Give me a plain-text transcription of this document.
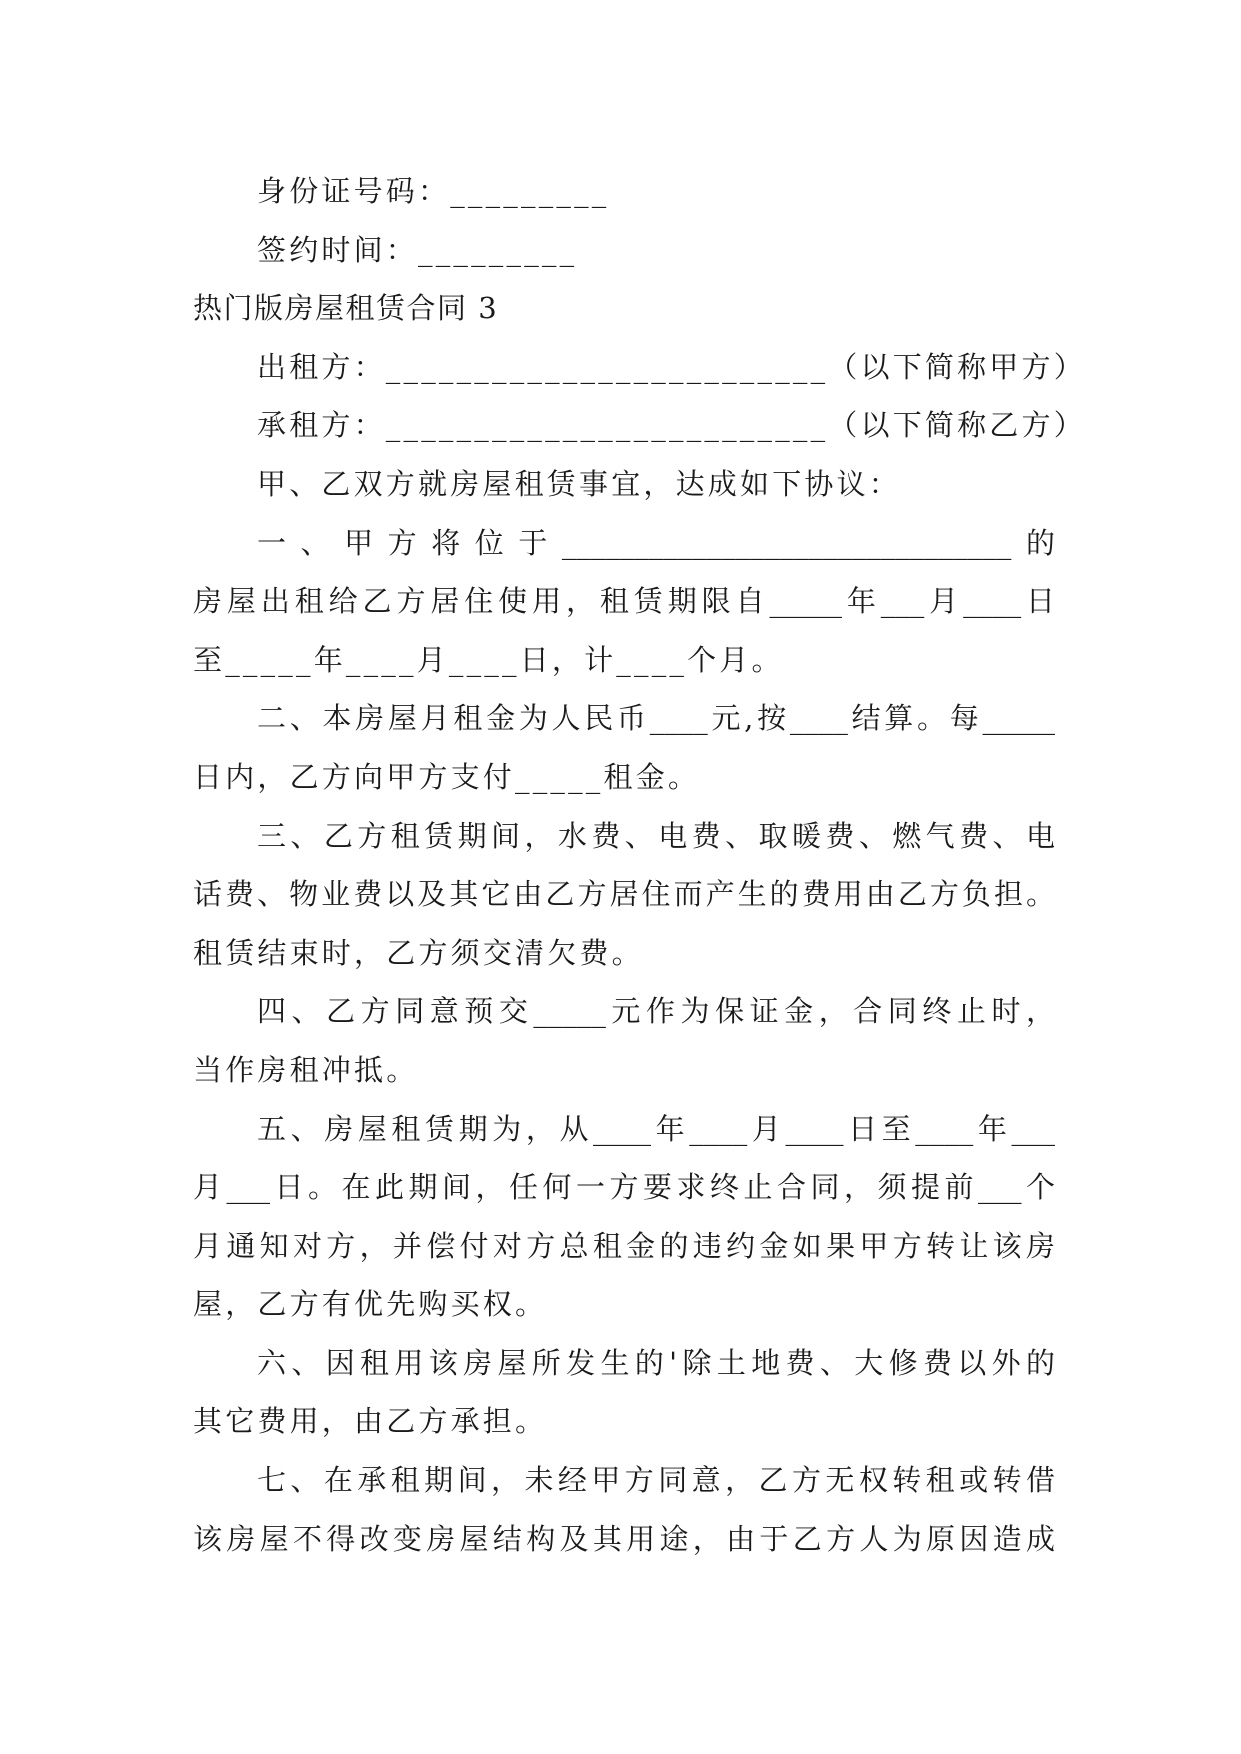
身份证号码：_________
签约时间：_________
热门版房屋租赁合同 3
出租方：_________________________（以下简称甲方）
承租方：_________________________（以下简称乙方）
甲、乙双方就房屋租赁事宜，达成如下协议：
一、甲方将位于_______________________________的
房屋出租给乙方居住使用，租赁期限自_____年___月____日
至_____年____月____日，计____个月。
二、本房屋月租金为人民币____元,按____结算。每_____
日内，乙方向甲方支付_____租金。
三、乙方租赁期间，水费、电费、取暖费、燃气费、电
话费、物业费以及其它由乙方居住而产生的费用由乙方负担。
租赁结束时，乙方须交清欠费。
四、乙方同意预交_____元作为保证金，合同终止时，
当作房租冲抵。
五、房屋租赁期为，从____年____月____日至____年___
月___日。在此期间，任何一方要求终止合同，须提前___个
月通知对方，并偿付对方总租金的违约金如果甲方转让该房
屋，乙方有优先购买权。
六、因租用该房屋所发生的'除土地费、大修费以外的
其它费用，由乙方承担。
七、在承租期间，未经甲方同意，乙方无权转租或转借
该房屋不得改变房屋结构及其用途，由于乙方人为原因造成
